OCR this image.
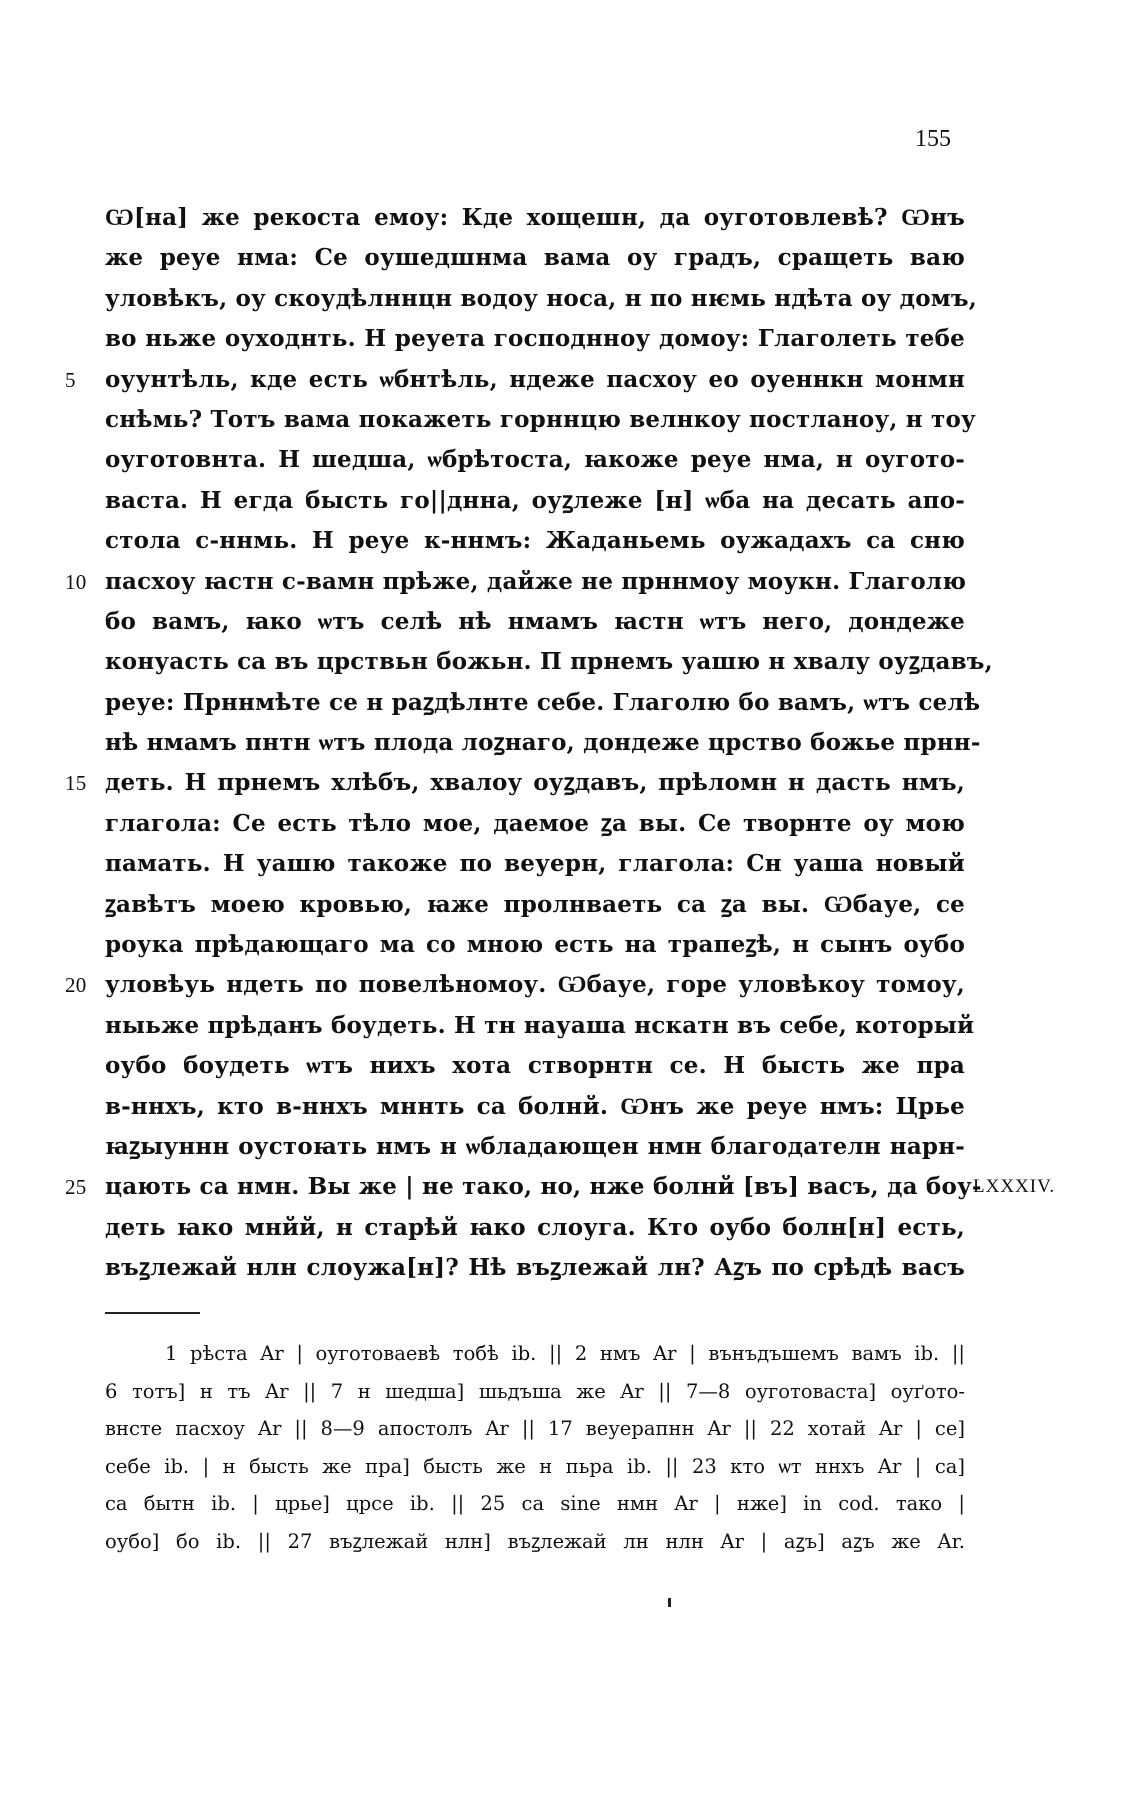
155
Ѡ[на] же рекоста емоу: Кде хощешн, да оуготовлевѣ? Ѡнъ
же реуе нма: Се оушедшнма вама оу градъ, сращеть ваю
уловѣкъ, оу скоудѣлннцн водоу носа, н по нѥмь ндѣта оу домъ,
во ньже оуходнть. Н реуета господнноу домоу: Глаголеть тебе
5	оуунтѣль, кде есть ѡбнтѣль, ндеже пасхоу ео оуеннкн монмн
снѣмь? Тотъ вама покажеть горннцю велнкоу постланоу, н тоу
оуготовнта. Н шедша, ѡбрѣтоста, ꙗкоже реуе нма, н оугото-
васта. Н егда бысть го||днна, оуꙁлеже [н] ѡба на десать апо-
стола с-ннмь. Н реуе к-ннмъ: Жаданьемь оужадахъ са сню
10 пасхоу ꙗстн с-вамн прѣже, дайже не прннмоу моукн. Глаголю
бо вамъ, ꙗко ѡтъ селѣ нѣ нмамъ ꙗстн ѡтъ него, дондеже
конуасть са въ црствьн божьн. П прнемъ уашю н хвалу оуꙁдавъ,
реуе: Прннмѣте се н раꙁдѣлнте себе. Глаголю бо вамъ, ѡтъ селѣ
нѣ нмамъ пнтн ѡтъ плода лоꙁнаго, дондеже црство божье прнн-
15 деть. Н прнемъ хлѣбъ, хвалоу оуꙁдавъ, прѣломн н дасть нмъ,
глагола: Се есть тѣло мое, даемое ꙁа вы. Се творнте оу мою
памать. Н уашю такоже по веуерн, глагола: Сн уаша новый
ꙁавѣтъ моею кровью, ꙗже пролнваеть са ꙁа вы. Ѡбауе, се
роука прѣдающаго ма со мною есть на трапеꙁѣ, н сынъ оубо
20 уловѣуь ндеть по повелѣномоу. Ѡбауе, горе уловѣкоу томоу,
ныьже прѣданъ боудеть. Н тн науаша нскатн въ себе, который
оубо боудеть ѡтъ нихъ хота створнтн се. Н бысть же пра
в-ннхъ, кто в-ннхъ мннть са болнй. Ѡнъ же реуе нмъ: Црье
ꙗꙁыуннн оустоꙗть нмъ н ѡбладающен нмн благодателн нарн-
25 цають са нмн. Вы же | не тако, но, нже болнй [въ] васъ, да боу-
LXXXIV.
деть ꙗко мнйй, н старѣй ꙗко слоуга. Кто оубо болн[н] есть,
въꙁлежай нлн слоужа[н]? Нѣ въꙁлежай лн? Аꙁъ по срѣдѣ васъ
1 рѣста Ar | оуготоваевѣ тобѣ ib. || 2 нмъ Ar | вънъдъшемъ вамъ ib. ||
6 тотъ] н тъ Ar || 7 н шедша] шьдъша же Ar || 7—8 оуготоваста] оуґото-
внсте пасхоу Ar || 8—9 апостолъ Ar || 17 веуерапнн Ar || 22 хотай Ar | се]
себе ib. | н бысть же пра] бысть же н пьра ib. || 23 кто ѡт ннхъ Ar | са]
са бытн ib. | црье] црсе ib. || 25 са sine нмн Ar | нже] in cod. тако |
оубо] бо ib. || 27 въꙁлежай нлн] въꙁлежай лн нлн Ar | аꙁъ] аꙁъ же Ar.
